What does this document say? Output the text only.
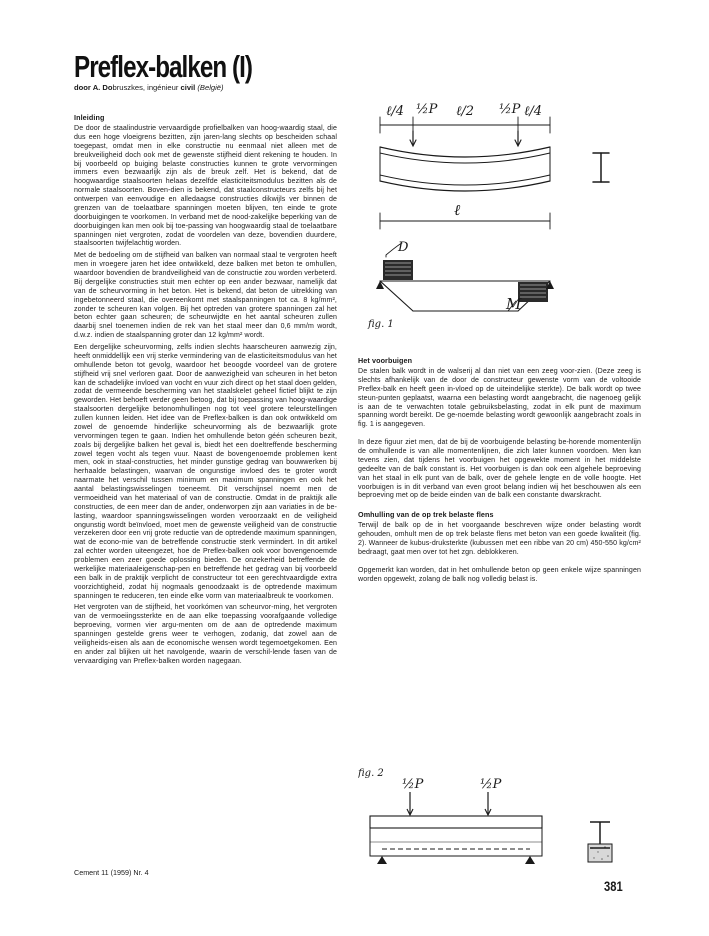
Preflex-balken (I)
door A. Dobruszkes, ingénieur civil (België)
Inleiding

De door de staalindustrie vervaardigde profielbalken van hoog-waardig staal, die dus een hoge vloeigrens bezitten, zijn jaren-lang slechts op bescheiden schaal toegepast, omdat men in elke constructie nu eenmaal niet alleen met de breukveiligheid doch ook met de gewenste stijfheid dient rekening te houden. In bij voorbeeld op buiging belaste constructies kunnen te grote vervormingen immers even bezwaarlijk zijn als de breuk zelf. Het is bekend, dat de hoogwaardige staalsoorten helaas dezelfde elasticiteitsmodulus bezitten als de normale staalsoorten. Boven-dien is bekend, dat staalconstructeurs zelfs bij het ontwerpen van eenvoudige en alledaagse constructies dikwijls ver binnen de grenzen van de toelaatbare spanningen moeten blijven, ten einde te grote doorbuigingen te voorkomen. In verband met de nood-zakelijke beperking van de doorbuigingen kan men ook bij toe-passing van hoogwaardig staal de toelaatbare spanningen niet vergroten, zodat de voordelen van deze, bovendien duurdere, staalsoorten twijfelachtig worden.

Met de bedoeling om de stijfheid van balken van normaal staal te vergroten heeft men in vroegere jaren het idee ontwikkeld, deze balken met beton te omhullen, waardoor bovendien de brandveiligheid van de constructie zou worden verbeterd. Bij dergelijke constructies stuit men echter op een ander bezwaar, namelijk dat van de scheurvorming in het beton. Het is bekend, dat beton de uitrekking van ingebetonneerd staal, die overeenkomt met staalspanningen tot ca. 8 kg/mm², zonder te scheuren kan volgen. Bij het optreden van grotere spanningen zal het beton echter gaan scheuren; de scheurwijdte en het aantal scheuren zullen daarbij snel toenemen indien de rek van het staal meer dan 0,6 mm/m wordt, d.w.z. indien de staalspanning groter dan 12 kg/mm² wordt.

Een dergelijke scheurvorming, zelfs indien slechts haarscheuren aanwezig zijn, heeft onmiddellijk een vrij sterke vermindering van de elasticiteitsmodulus van het omhullende beton tot gevolg, waardoor het beoogde voordeel van de grotere stijfheid vrij snel verloren gaat. Door de aanwezigheid van scheuren in het beton kan de schadelijke invloed van vocht en vuur zich direct op het staal doen gelden, zodat de vermeende bescherming van het staalskelet geheel fictief blijkt te zijn geworden. Het behoeft verder geen betoog, dat bij toepassing van hoog-waardige staalsoorten dergelijke betonomhullingen nog tot veel grotere teleurstellingen zullen kunnen leiden. Het idee van de Preflex-balken is dan ook ontwikkeld om zowel de genoemde hinderlijke scheurvorming als de bezwaarlijk grote vervormingen tegen te gaan. Indien het omhullende beton géén scheuren bezit, zoals bij dergelijke balken het geval is, biedt het een doeltreffende bescherming zowel tegen vocht als tegen vuur. Naast de bovengenoemde problemen kent men, ook in staal-constructies, het minder gunstige gedrag van bouwwerken bij herhaalde belastingen, waarvan de ongunstige invloed des te groter wordt naarmate het verschil tussen minimum en maximum spanningen en ook het aantal belastingswisselingen toeneemt. Dit verschijnsel noemt men de vermoeidheid van het materiaal of van de constructie. Omdat in de praktijk alle constructies, de een meer dan de ander, onderworpen zijn aan variaties in de be-lasting, waardoor spanningswisselingen worden veroorzaakt en de veiligheid ongunstig wordt beïnvloed, moet men de gewenste veiligheid van de constructie verzekeren door een vrij grote reductie van de optredende maximum spanningen, wat de econo-mie van de betreffende constructie sterk vermindert. In dit artikel zal echter worden uiteengezet, hoe de Preflex-balken ook voor bovengenoemde problemen een zeer goede oplossing bieden. De onzekerheid betreffende de werkelijke materiaaleigenschap-pen en betreffende het gedrag van bij voorbeeld een balk in de praktijk verplicht de constructeur tot een gerechtvaardigde extra voorzichtigheid, zodat hij nogmaals genoodzaakt is de optredende maximum spanningen te reduceren, ten einde elke vorm van materiaalbreuk te voorkomen.

Het vergroten van de stijfheid, het voorkómen van scheurvor-ming, het vergroten van de vermoeiingssterkte en de aan elke toepassing voorafgaande volledige beproeving, vormen vier argu-menten om de aan de optredende maximum spanningen gestelde grens weer te verhogen, zodanig, dat zowel aan de veiligheids-eisen als aan de economische wensen wordt tegemoetgekomen. Een en ander zal blijken uit het navolgende, waarin de verschil-lende fasen van de vervaardiging van Preflex-balken worden nagegaan.

ℓ/4 ½P ℓ/2 ½P ℓ/4
ℓ
D
M
fig. 1
Het voorbuigen

De stalen balk wordt in de walserij al dan niet van een zeeg voor-zien. (Deze zeeg is slechts afhankelijk van de door de constructeur gewenste vorm van de voltooide Preflex-balk en heeft geen in-vloed op de uiteindelijke sterkte). De balk wordt op twee steun-punten geplaatst, waarna een belasting wordt aangebracht, die nagenoeg gelijk is aan de te verwachten totale gebruiksbelasting, zodat in elk punt de maximum spanning wordt bereikt. De ge-noemde belasting wordt gewoonlijk aangebracht zoals in fig. 1 is aangegeven.

In deze figuur ziet men, dat de bij de voorbuigende belasting be-horende momentenlijn de omhullende is van alle momentenlijnen, die zich later kunnen voordoen. Men kan tevens zien, dat tijdens het voorbuigen het opgewekte moment in het middelste gedeelte van de balk constant is. Het voorbuigen is dan ook een algehele beproeving van het staal in elk punt van de balk, over de gehele lengte en de volle hoogte. Het voorbuigen is in dit verband van even groot belang indien wij het beschouwen als een beproeving met op de beide einden van de balk een constante dwarskracht.

Omhulling van de op trek belaste flens

Terwijl de balk op de in het voorgaande beschreven wijze onder belasting wordt gehouden, omhult men de op trek belaste flens met beton van een goede kwaliteit (fig. 2). Wanneer de kubus-druksterkte (kubussen met een ribbe van 20 cm) 450-550 kg/cm² bedraagt, gaat men over tot het zgn. deblokkeren.

Opgemerkt kan worden, dat in het omhullende beton op geen enkele wijze spanningen worden opgewekt, zolang de balk nog volledig belast is.

fig. 2
½P	½P
Cement 11 (1959) Nr. 4
381
